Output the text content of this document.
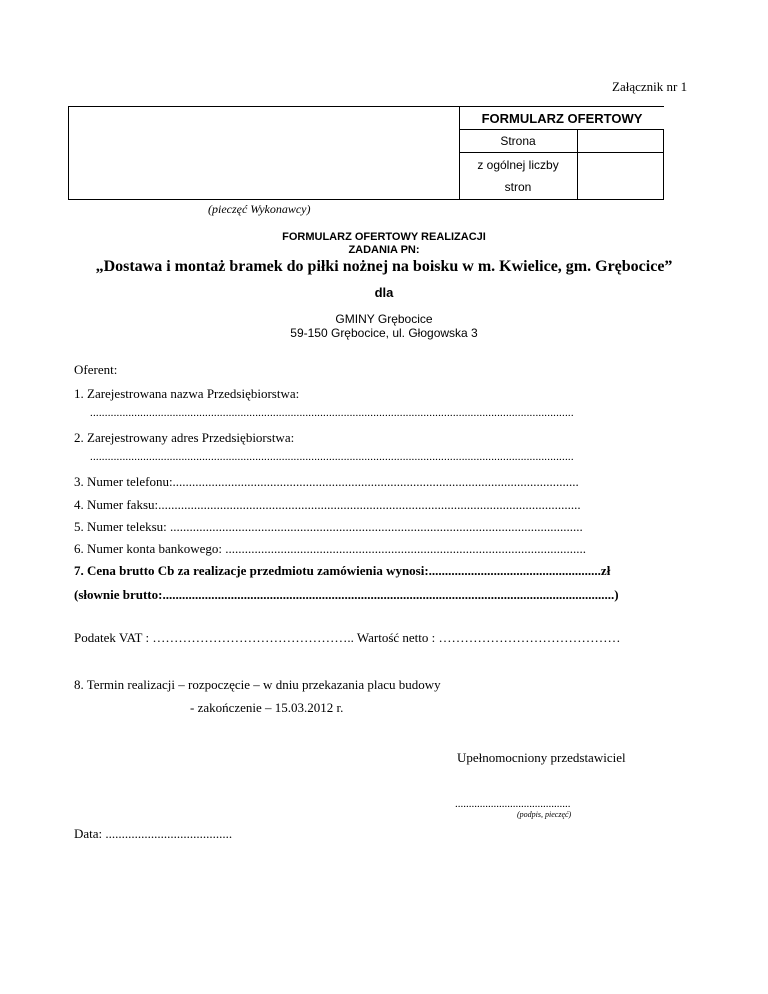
Załącznik nr 1
FORMULARZ OFERTOWY
Strona
z ogólnej liczby
stron
(pieczęć Wykonawcy)
FORMULARZ OFERTOWY REALIZACJI
ZADANIA PN:
„Dostawa i montaż bramek do piłki nożnej na boisku w m. Kwielice, gm. Grębocice”
dla
GMINY Grębocice
59-150 Grębocice, ul. Głogowska 3
Oferent:
1. Zarejestrowana nazwa Przedsiębiorstwa:
....................................................................................................................................................................
2. Zarejestrowany adres Przedsiębiorstwa:
....................................................................................................................................................................
3. Numer telefonu:.............................................................................................................................
4. Numer faksu:..................................................................................................................................
5. Numer teleksu: ...............................................................................................................................
6. Numer konta bankowego: ...............................................................................................................
7. Cena brutto Cb za realizacje przedmiotu zamówienia wynosi:.....................................................zł
(słownie brutto:...........................................................................................................................................)
Podatek VAT : ……………………………………….. Wartość netto : ……………………………………
8. Termin realizacji – rozpoczęcie – w dniu przekazania placu budowy
- zakończenie – 15.03.2012 r.
Upełnomocniony przedstawiciel
..........................................
(podpis, pieczęć)
Data: .......................................
